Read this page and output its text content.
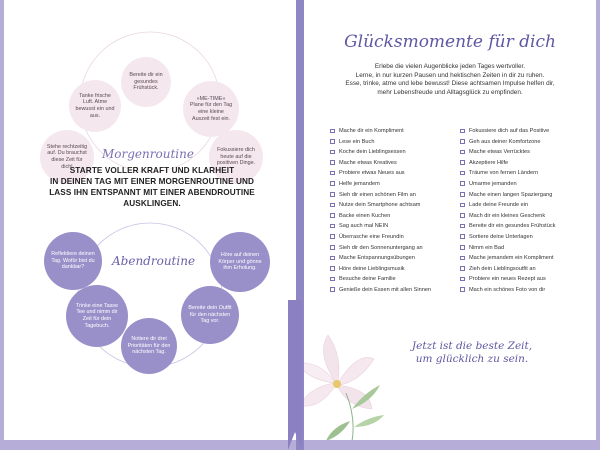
Bereite dir ein gesundes Frühstück.
»ME-TIME« Plane für den Tag eine kleine Auszeit fest ein.
Fokussiere dich heute auf die positiven Dinge.
Stehe rechtzeitig auf. Du brauchst diese Zeit für dich!
Tanke frische Luft. Atme bewusst ein und aus.
Morgenroutine
STARTE VOLLER KRAFT UND KLARHEIT
IN DEINEN TAG MIT EINER MORGENROUTINE UND
LASS IHN ENTSPANNT MIT EINER ABENDROUTINE AUSKLINGEN.
Reflektiere deinen Tag. Wofür bist du dankbar?
Höre auf deinen Körper und gönne ihm Erholung.
Bereite dein Outfit für den nächsten Tag vor.
Notiere dir drei Prioritäten für den nächsten Tag.
Trinke eine Tasse Tee und nimm dir Zeit für dein Tagebuch.
Abendroutine
Glücksmomente für dich
Erlebe die vielen Augenblicke jeden Tages wertvoller.
Lerne, in nur kurzen Pausen und hektischen Zeiten in dir zu ruhen.
Esse, trinke, atme und lebe bewusst! Diese achtsamen Impulse helfen dir,
mehr Lebensfreude und Alltagsglück zu empfinden.
Mache dir ein Kompliment
Lese ein Buch
Koche dein Lieblingsessen
Mache etwas Kreatives
Probiere etwas Neues aus
Helfe jemandem
Sieh dir einen schönen Film an
Nutze dein Smartphone achtsam
Backe einen Kuchen
Sag auch mal NEIN
Überrasche eine Freundin
Sieh dir den Sonnenuntergang an
Mache Entspannungsübungen
Höre deine Lieblingsmusik
Besuche deine Familie
Genieße dein Essen mit allen Sinnen
Fokussiere dich auf das Positive
Geh aus deiner Komfortzone
Mache etwas Verrücktes
Akzeptiere Hilfe
Träume von fernen Ländern
Umarme jemanden
Mache einen langen Spaziergang
Lade deine Freunde ein
Mach dir ein kleines Geschenk
Bereite dir ein gesundes Frühstück
Sortiere deine Unterlagen
Nimm ein Bad
Mache jemandem ein Kompliment
Zieh dein Lieblingsoutfit an
Probiere ein neues Rezept aus
Mach ein schönes Foto von dir
Jetzt ist die beste Zeit,
um glücklich zu sein.
